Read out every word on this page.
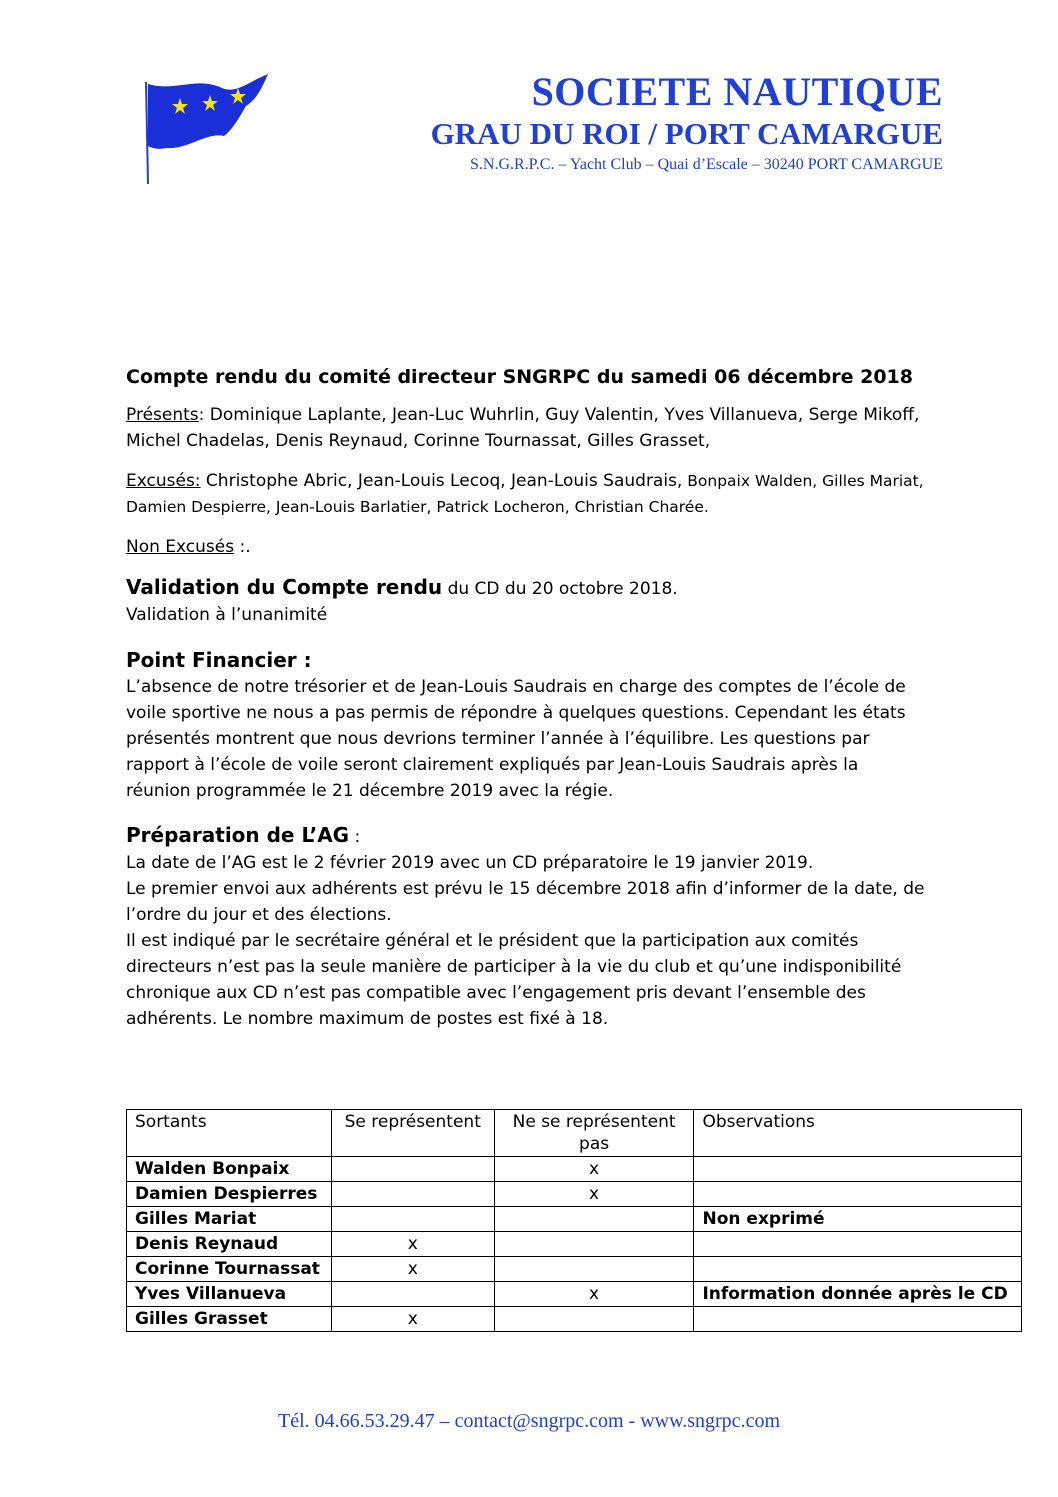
SOCIETE NAUTIQUE
GRAU DU ROI / PORT CAMARGUE
S.N.G.R.P.C. – Yacht Club – Quai d’Escale – 30240 PORT CAMARGUE

Compte rendu du comité directeur SNGRPC du samedi 06 décembre 2018

Présents: Dominique Laplante, Jean-Luc Wuhrlin, Guy Valentin, Yves Villanueva, Serge Mikoff, Michel Chadelas, Denis Reynaud, Corinne Tournassat, Gilles Grasset,

Excusés: Christophe Abric, Jean-Louis Lecoq, Jean-Louis Saudrais, Bonpaix Walden, Gilles Mariat, Damien Despierre, Jean-Louis Barlatier, Patrick Locheron, Christian Charée.

Non Excusés :.

Validation du Compte rendu du CD du 20 octobre 2018.

Validation à l’unanimité

Point Financier :

L’absence de notre trésorier et de Jean-Louis Saudrais en charge des comptes de l’école de voile sportive ne nous a pas permis de répondre à quelques questions. Cependant les états présentés montrent que nous devrions terminer l’année à l’équilibre. Les questions par rapport à l’école de voile seront clairement expliqués par Jean-Louis Saudrais après la réunion programmée le 21 décembre 2019 avec la régie.

Préparation de L’AG :

La date de l’AG est le 2 février 2019 avec un CD préparatoire le 19 janvier 2019.

Le premier envoi aux adhérents est prévu le 15 décembre 2018 afin d’informer de la date, de l’ordre du jour et des élections.

Il est indiqué par le secrétaire général et le président que la participation aux comités directeurs n’est pas la seule manière de participer à la vie du club et qu’une indisponibilité chronique aux CD n’est pas compatible avec l’engagement pris devant l’ensemble des adhérents. Le nombre maximum de postes est fixé à 18.

Sortants	Se représentent	Ne se représentent pas	Observations
Walden Bonpaix		x	
Damien Despierres		x	
Gilles Mariat			Non exprimé
Denis Reynaud	x		
Corinne Tournassat	x		
Yves Villanueva		x	Information donnée après le CD
Gilles Grasset	x		
Tél. 04.66.53.29.47 – contact@sngrpc.com - www.sngrpc.com
